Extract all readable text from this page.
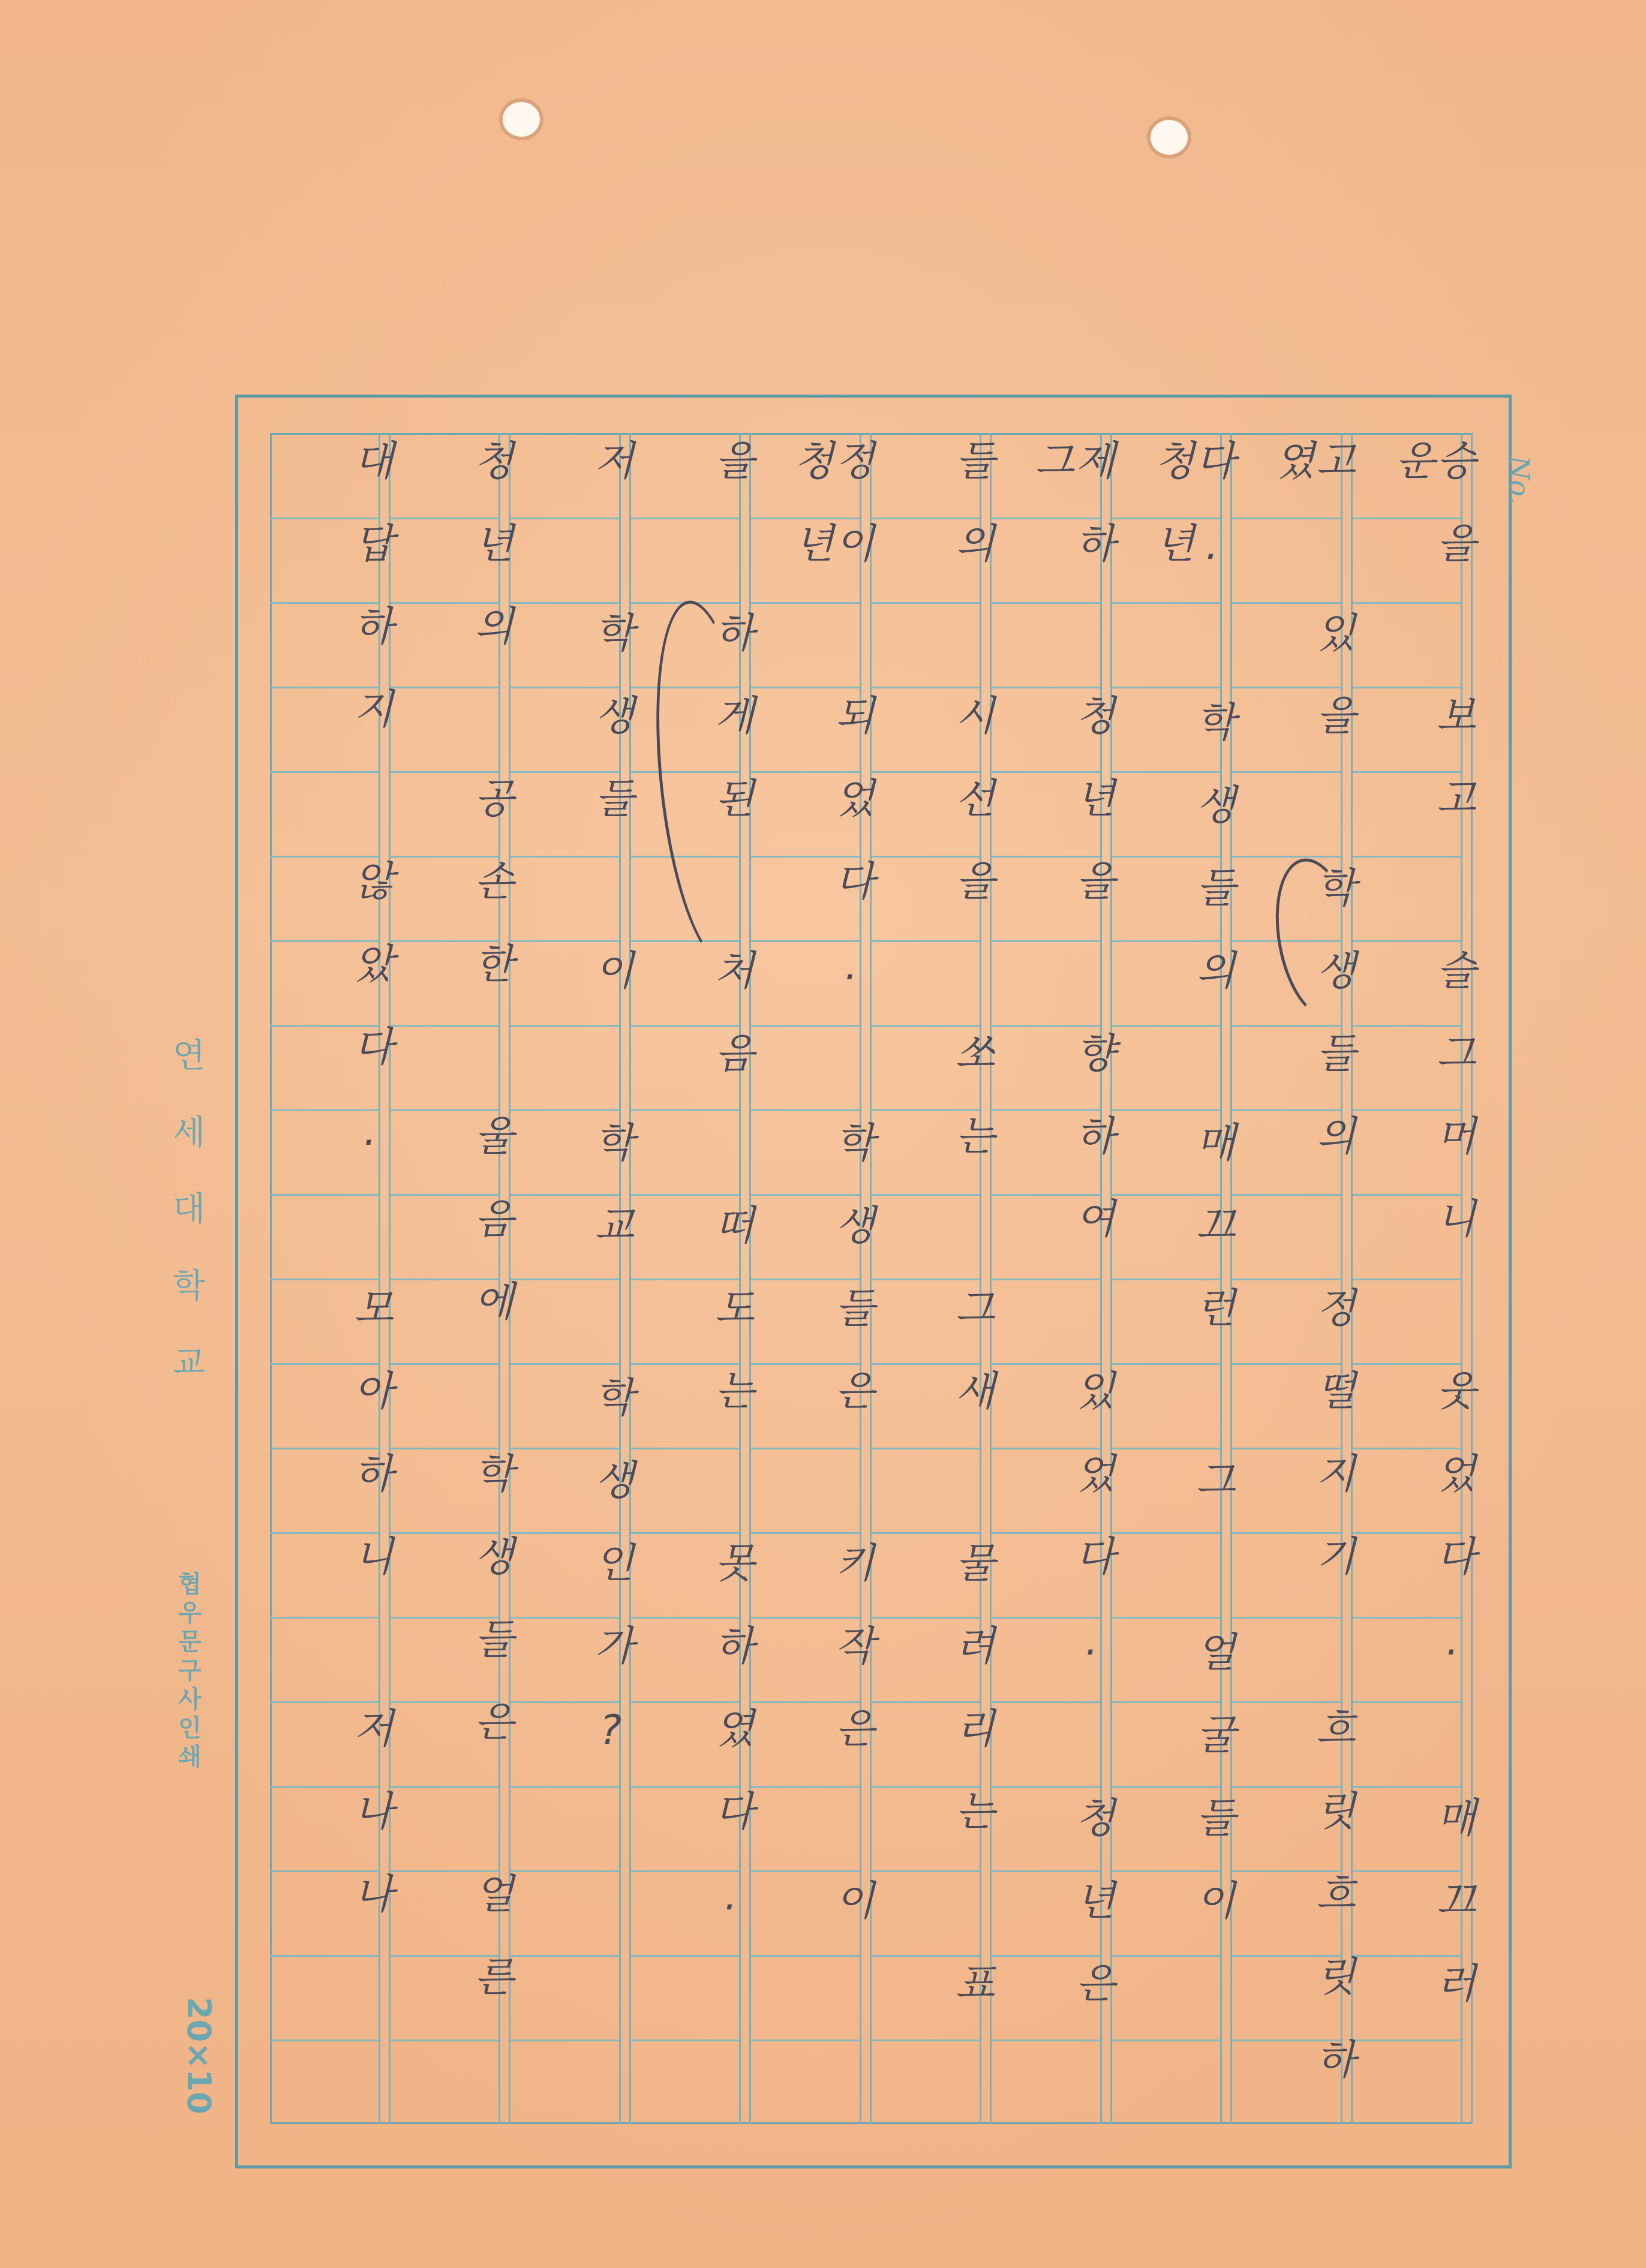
No.
연세대학교
협우문구사인쇄
20×10
승을 보고 슬그머니 웃었다. 매끄러운
고 있을 학생들의 정떨지기 흐릿흐릿하였
다. 학생들의 매끄런 그 얼굴들이 청년
제하 청년을 향하여 있었다. 청년은 그
들의 시선을 쏘는 그새 물려리는 표
정이 되었다. 학생들은 키작은 이 청년
을 하게된 처음 떠도는 못하였다.
저 학생들 이 학교 학생인가?
청년의 공손한 울음에 학생들은 얼른
대답하지 않았다. 모아하니 저나나
